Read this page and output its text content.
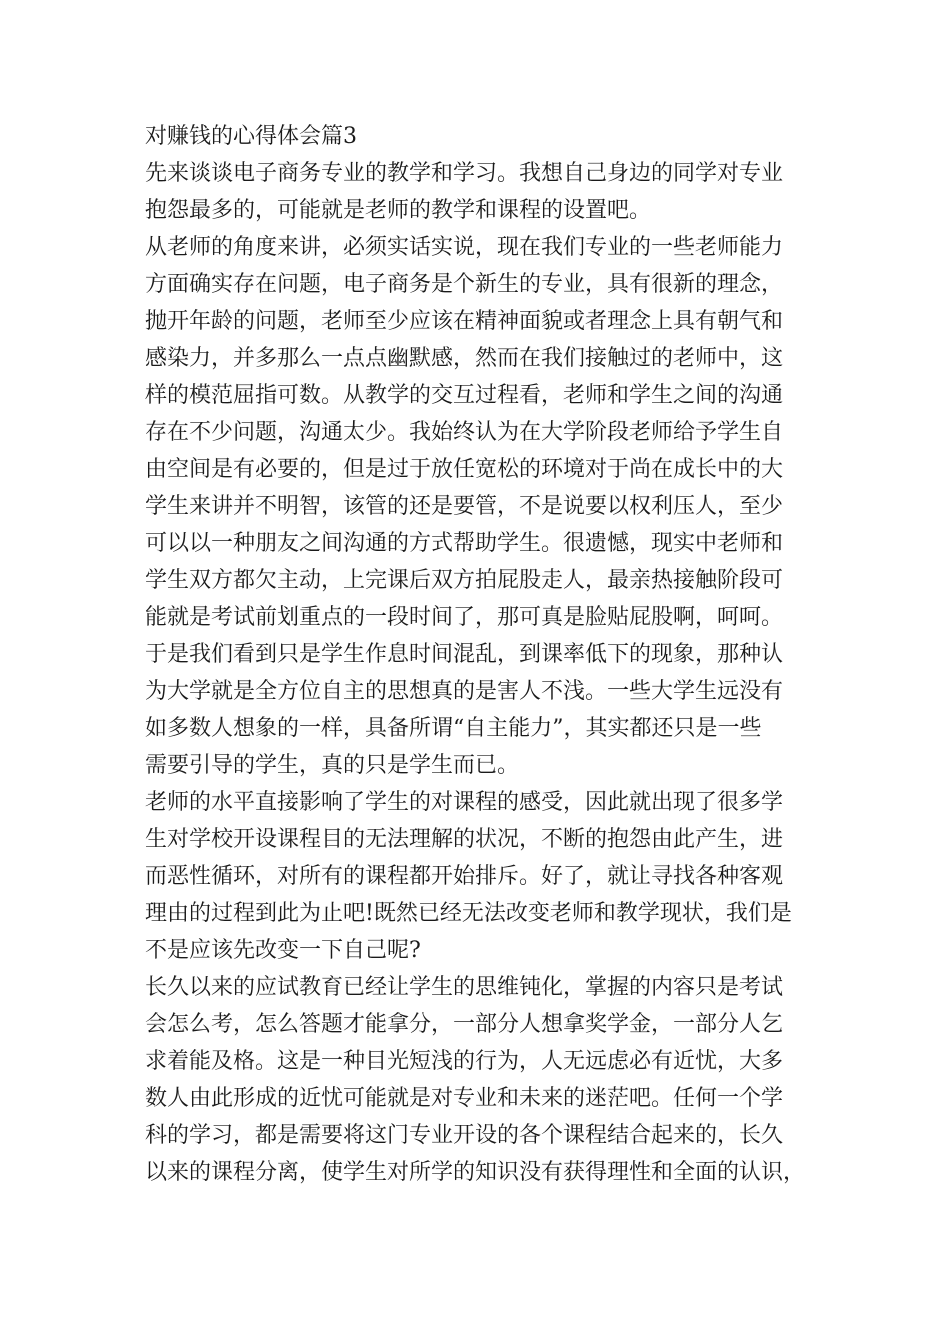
对赚钱的心得体会篇3
先来谈谈电子商务专业的教学和学习。我想自己身边的同学对专业
抱怨最多的，可能就是老师的教学和课程的设置吧。
从老师的角度来讲，必须实话实说，现在我们专业的一些老师能力
方面确实存在问题，电子商务是个新生的专业，具有很新的理念，
抛开年龄的问题，老师至少应该在精神面貌或者理念上具有朝气和
感染力，并多那么一点点幽默感，然而在我们接触过的老师中，这
样的模范屈指可数。从教学的交互过程看，老师和学生之间的沟通
存在不少问题，沟通太少。我始终认为在大学阶段老师给予学生自
由空间是有必要的，但是过于放任宽松的环境对于尚在成长中的大
学生来讲并不明智，该管的还是要管，不是说要以权利压人，至少
可以以一种朋友之间沟通的方式帮助学生。很遗憾，现实中老师和
学生双方都欠主动，上完课后双方拍屁股走人，最亲热接触阶段可
能就是考试前划重点的一段时间了，那可真是脸贴屁股啊，呵呵。
于是我们看到只是学生作息时间混乱，到课率低下的现象，那种认
为大学就是全方位自主的思想真的是害人不浅。一些大学生远没有
如多数人想象的一样，具备所谓“自主能力”，其实都还只是一些
需要引导的学生，真的只是学生而已。
老师的水平直接影响了学生的对课程的感受，因此就出现了很多学
生对学校开设课程目的无法理解的状况，不断的抱怨由此产生，进
而恶性循环，对所有的课程都开始排斥。好了，就让寻找各种客观
理由的过程到此为止吧!既然已经无法改变老师和教学现状，我们是
不是应该先改变一下自己呢?
长久以来的应试教育已经让学生的思维钝化，掌握的内容只是考试
会怎么考，怎么答题才能拿分，一部分人想拿奖学金，一部分人乞
求着能及格。这是一种目光短浅的行为，人无远虑必有近忧，大多
数人由此形成的近忧可能就是对专业和未来的迷茫吧。任何一个学
科的学习，都是需要将这门专业开设的各个课程结合起来的，长久
以来的课程分离，使学生对所学的知识没有获得理性和全面的认识，
